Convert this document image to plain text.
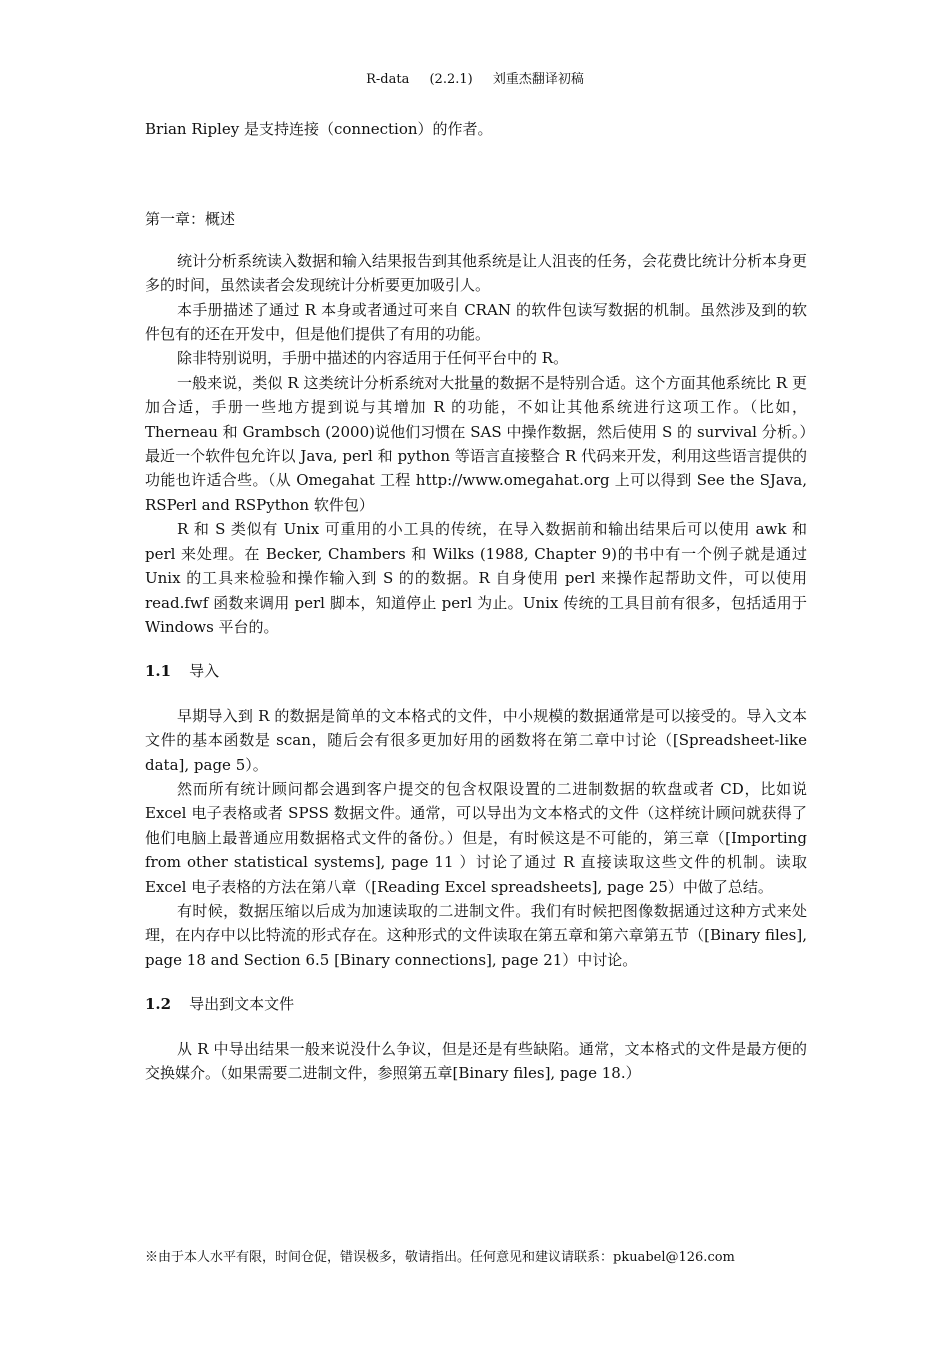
R-data (2.2.1) 刘重杰翻译初稿

Brian Ripley 是支持连接（connection）的作者。

第一章：概述

统计分析系统读入数据和输入结果报告到其他系统是让人沮丧的任务，会花费比统计分析本身更多的时间，虽然读者会发现统计分析要更加吸引人。

本手册描述了通过 R 本身或者通过可来自 CRAN 的软件包读写数据的机制。虽然涉及到的软件包有的还在开发中，但是他们提供了有用的功能。

除非特别说明，手册中描述的内容适用于任何平台中的 R。

一般来说，类似 R 这类统计分析系统对大批量的数据不是特别合适。这个方面其他系统比 R 更加合适，手册一些地方提到说与其增加 R 的功能，不如让其他系统进行这项工作。（比如，Therneau 和 Grambsch (2000)说他们习惯在 SAS 中操作数据，然后使用 S 的 survival 分析。）最近一个软件包允许以 Java, perl 和 python 等语言直接整合 R 代码来开发，利用这些语言提供的功能也许适合些。（从 Omegahat 工程 http://www.omegahat.org 上可以得到 See the SJava, RSPerl and RSPython 软件包）

R 和 S 类似有 Unix 可重用的小工具的传统，在导入数据前和输出结果后可以使用 awk 和 perl 来处理。在 Becker, Chambers 和 Wilks (1988, Chapter 9)的书中有一个例子就是通过 Unix 的工具来检验和操作输入到 S 的的数据。R 自身使用 perl 来操作起帮助文件，可以使用 read.fwf 函数来调用 perl 脚本，知道停止 perl 为止。Unix 传统的工具目前有很多，包括适用于 Windows 平台的。

1.1 导入

早期导入到 R 的数据是简单的文本格式的文件，中小规模的数据通常是可以接受的。导入文本文件的基本函数是 scan，随后会有很多更加好用的函数将在第二章中讨论（[Spreadsheet-like data], page 5）。

然而所有统计顾问都会遇到客户提交的包含权限设置的二进制数据的软盘或者 CD，比如说 Excel 电子表格或者 SPSS 数据文件。通常，可以导出为文本格式的文件（这样统计顾问就获得了他们电脑上最普通应用数据格式文件的备份。）但是，有时候这是不可能的，第三章（[Importing from other statistical systems], page 11 ）讨论了通过 R 直接读取这些文件的机制。读取 Excel 电子表格的方法在第八章（[Reading Excel spreadsheets], page 25）中做了总结。

有时候，数据压缩以后成为加速读取的二进制文件。我们有时候把图像数据通过这种方式来处理，在内存中以比特流的形式存在。这种形式的文件读取在第五章和第六章第五节（[Binary files], page 18 and Section 6.5 [Binary connections], page 21）中讨论。

1.2 导出到文本文件

从 R 中导出结果一般来说没什么争议，但是还是有些缺陷。通常，文本格式的文件是最方便的交换媒介。（如果需要二进制文件，参照第五章[Binary files], page 18.）

※由于本人水平有限，时间仓促，错误极多，敬请指出。任何意见和建议请联系：pkuabel@126.com
